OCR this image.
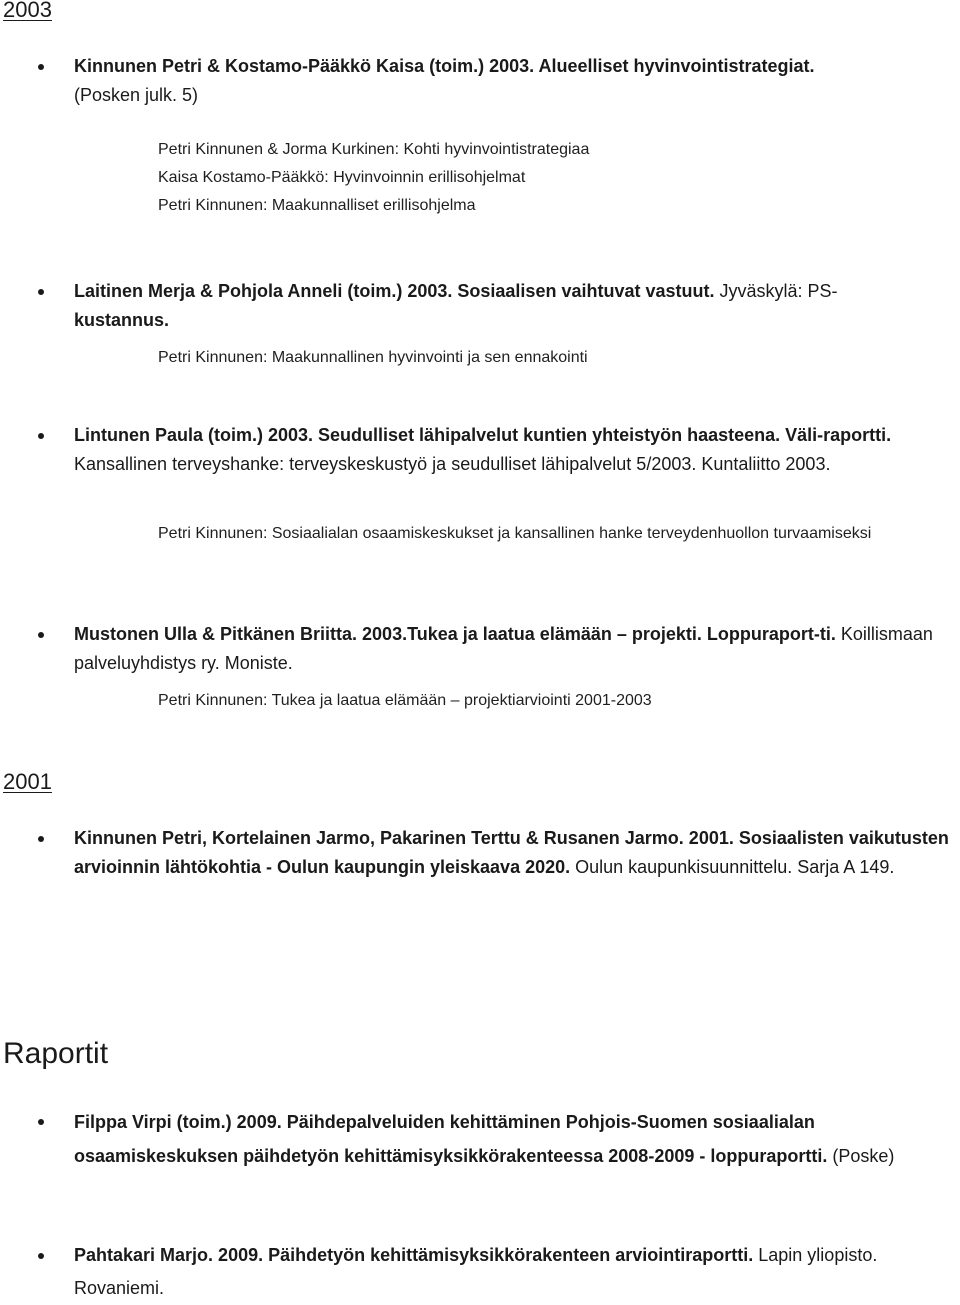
2003

Kinnunen Petri & Kostamo-Pääkkö Kaisa (toim.) 2003. Alueelliset hyvinvointistrategiat.
(Posken julk. 5)

Petri Kinnunen & Jorma Kurkinen: Kohti hyvinvointistrategiaa

Kaisa Kostamo-Pääkkö: Hyvinvoinnin erillisohjelmat

Petri Kinnunen: Maakunnalliset erillisohjelma

Laitinen Merja & Pohjola Anneli (toim.) 2003. Sosiaalisen vaihtuvat vastuut. Jyväskylä: PS-
kustannus.

Petri Kinnunen: Maakunnallinen hyvinvointi ja sen ennakointi

Lintunen Paula (toim.) 2003. Seudulliset lähipalvelut kuntien yhteistyön haasteena. Väli-raportti. Kansallinen terveyshanke: terveyskeskustyö ja seudulliset lähipalvelut 5/2003. Kuntaliitto 2003.

Petri Kinnunen: Sosiaalialan osaamiskeskukset ja kansallinen hanke terveydenhuollon turvaamiseksi

Mustonen Ulla & Pitkänen Briitta. 2003.Tukea ja laatua elämään – projekti. Loppuraport-ti. Koillismaan palveluyhdistys ry. Moniste.

Petri Kinnunen: Tukea ja laatua elämään – projektiarviointi 2001-2003

2001

Kinnunen Petri, Kortelainen Jarmo, Pakarinen Terttu & Rusanen Jarmo. 2001. Sosiaalisten vaikutusten arvioinnin lähtökohtia - Oulun kaupungin yleiskaava 2020. Oulun kaupunkisuunnittelu. Sarja A 149.

Raportit

Filppa Virpi (toim.) 2009. Päihdepalveluiden kehittäminen Pohjois-Suomen sosiaalialan osaamiskeskuksen päihdetyön kehittämisyksikkörakenteessa 2008-2009 - loppuraportti. (Poske)

Pahtakari Marjo. 2009. Päihdetyön kehittämisyksikkörakenteen arviointiraportti. Lapin yliopisto. Rovaniemi.
